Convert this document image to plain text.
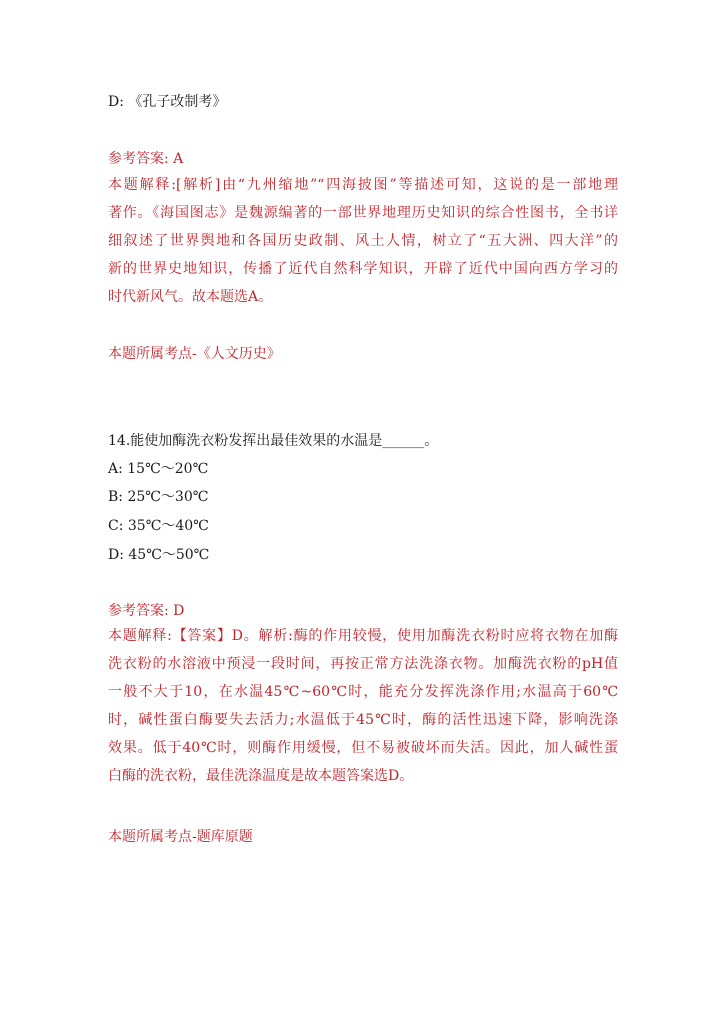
D: 《孔子改制考》
参考答案: A
本题解释:[解析]由“九州缩地”“四海披图”等描述可知，这说的是一部地理
著作。《海国图志》是魏源编著的一部世界地理历史知识的综合性图书，全书详
细叙述了世界舆地和各国历史政制、风土人情，树立了“五大洲、四大洋”的
新的世界史地知识，传播了近代自然科学知识，开辟了近代中国向西方学习的
时代新风气。故本题选A。
本题所属考点-《人文历史》
14.能使加酶洗衣粉发挥出最佳效果的水温是______。
A: 15℃～20℃
B: 25℃～30℃
C: 35℃～40℃
D: 45℃～50℃
参考答案: D
本题解释:【答案】D。解析:酶的作用较慢，使用加酶洗衣粉时应将衣物在加酶
洗衣粉的水溶液中预浸一段时间，再按正常方法洗涤衣物。加酶洗衣粉的pH值
一般不大于10，在水温45℃~60℃时，能充分发挥洗涤作用;水温高于60℃
时，碱性蛋白酶要失去活力;水温低于45℃时，酶的活性迅速下降，影响洗涤
效果。低于40℃时，则酶作用缓慢，但不易被破坏而失活。因此，加人碱性蛋
白酶的洗衣粉，最佳洗涤温度是故本题答案选D。
本题所属考点-题库原题
